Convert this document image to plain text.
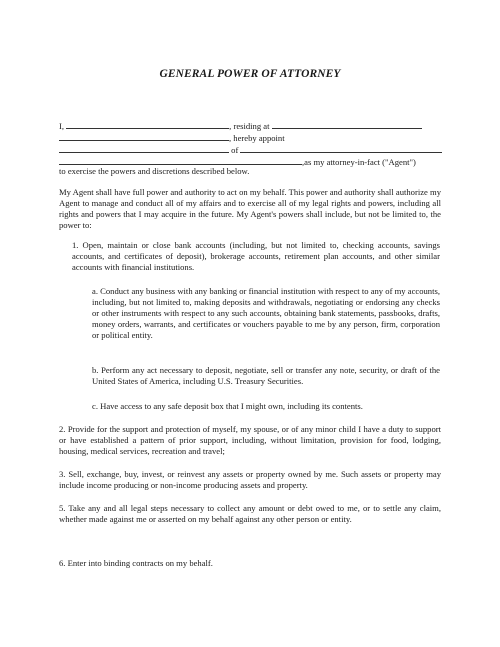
GENERAL POWER OF ATTORNEY
I,	, residing at
, hereby appoint
of
,as my attorney-in-fact ("Agent")
to exercise the powers and discretions described below.
My Agent shall have full power and authority to act on my behalf. This power and authority shall authorize my Agent to manage and conduct all of my affairs and to exercise all of my legal rights and powers, including all rights and powers that I may acquire in the future. My Agent's powers shall include, but not be limited to, the power to:
1. Open, maintain or close bank accounts (including, but not limited to, checking accounts, savings accounts, and certificates of deposit), brokerage accounts, retirement plan accounts, and other similar accounts with financial institutions.
a. Conduct any business with any banking or financial institution with respect to any of my accounts, including, but not limited to, making deposits and withdrawals, negotiating or endorsing any checks or other instruments with respect to any such accounts, obtaining bank statements, passbooks, drafts, money orders, warrants, and certificates or vouchers payable to me by any person, firm, corporation or political entity.
b. Perform any act necessary to deposit, negotiate, sell or transfer any note, security, or draft of the United States of America, including U.S. Treasury Securities.
c. Have access to any safe deposit box that I might own, including its contents.
2. Provide for the support and protection of myself, my spouse, or of any minor child I have a duty to support or have established a pattern of prior support, including, without limitation, provision for food, lodging, housing, medical services, recreation and travel;
3. Sell, exchange, buy, invest, or reinvest any assets or property owned by me. Such assets or property may include income producing or non-income producing assets and property.
5. Take any and all legal steps necessary to collect any amount or debt owed to me, or to settle any claim, whether made against me or asserted on my behalf against any other person or entity.
6. Enter into binding contracts on my behalf.
